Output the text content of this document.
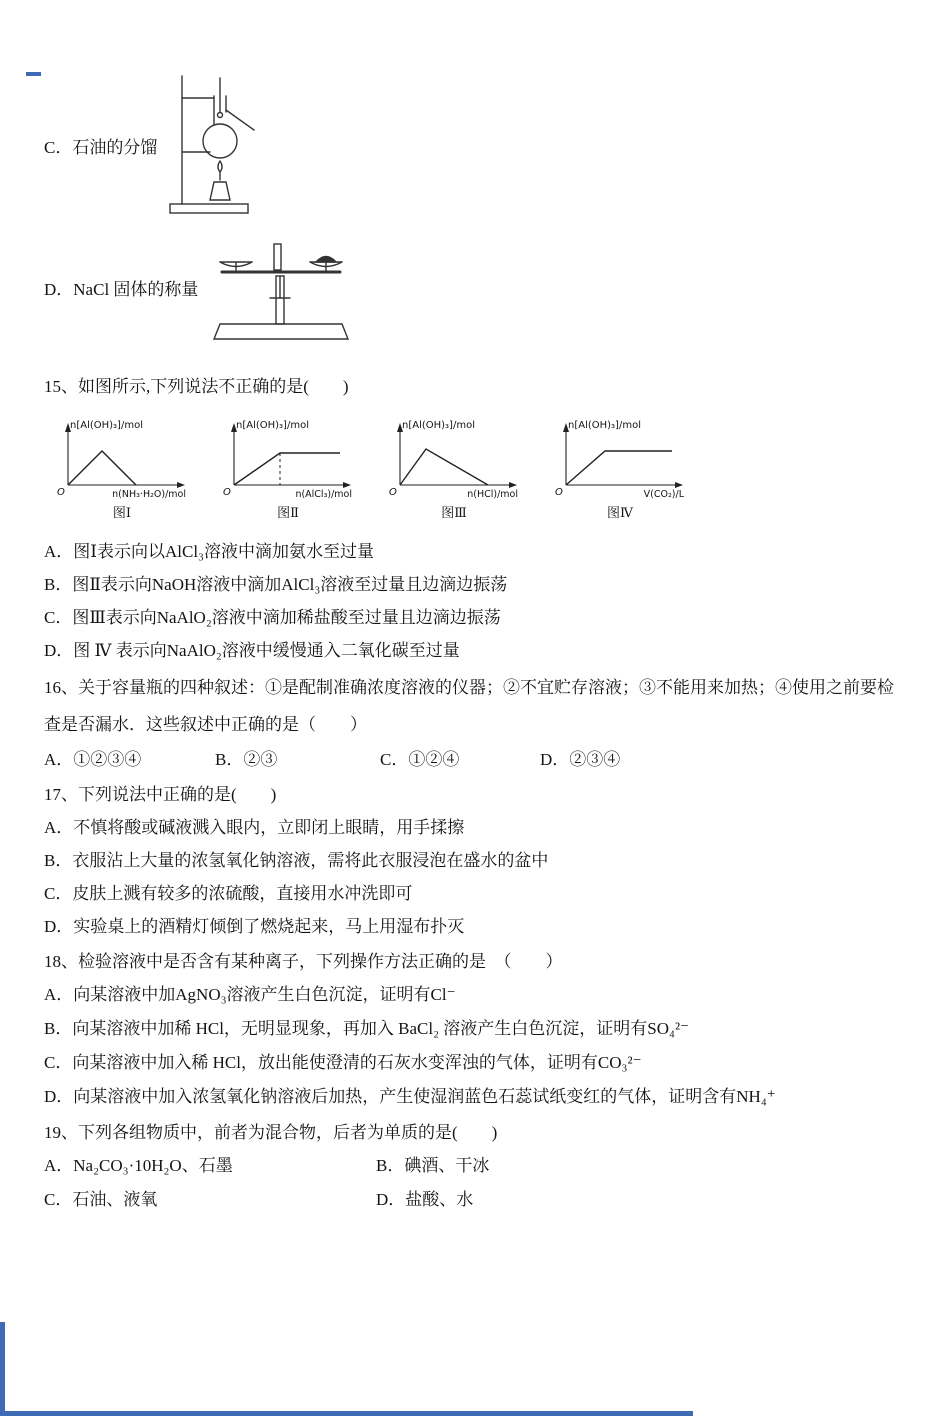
C．石油的分馏
D．NaCl 固体的称量

15、如图所示,下列说法不正确的是(　　)

n[Al(OH)₃]/mol
O	n(NH₃·H₂O)/mol
图Ⅰ
n[Al(OH)₃]/mol
O	n(AlCl₃)/mol
图Ⅱ
n[Al(OH)₃]/mol
O	n(HCl)/mol
图Ⅲ
n[Al(OH)₃]/mol
O	V(CO₂)/L
图Ⅳ

A．图Ⅰ表示向以AlCl₃溶液中滴加氨水至过量

B．图Ⅱ表示向NaOH溶液中滴加AlCl₃溶液至过量且边滴边振荡

C．图Ⅲ表示向NaAlO₂溶液中滴加稀盐酸至过量且边滴边振荡

D．图 Ⅳ 表示向NaAlO₂溶液中缓慢通入二氧化碳至过量

16、关于容量瓶的四种叙述：①是配制准确浓度溶液的仪器；②不宜贮存溶液；③不能用来加热；④使用之前要检查是否漏水．这些叙述中正确的是（　　）

A．①②③④	B．②③	C．①②④	D．②③④

17、下列说法中正确的是(　　)

A．不慎将酸或碱液溅入眼内，立即闭上眼睛，用手揉擦

B．衣服沾上大量的浓氢氧化钠溶液，需将此衣服浸泡在盛水的盆中

C．皮肤上溅有较多的浓硫酸，直接用水冲洗即可

D．实验桌上的酒精灯倾倒了燃烧起来，马上用湿布扑灭

18、检验溶液中是否含有某种离子，下列操作方法正确的是　（　　）

A．向某溶液中加AgNO₃溶液产生白色沉淀，证明有Cl⁻

B．向某溶液中加稀 HCl，无明显现象，再加入 BaCl₂ 溶液产生白色沉淀，证明有SO₄²⁻

C．向某溶液中加入稀 HCl，放出能使澄清的石灰水变浑浊的气体，证明有CO₃²⁻

D．向某溶液中加入浓氢氧化钠溶液后加热，产生使湿润蓝色石蕊试纸变红的气体，证明含有NH₄⁺

19、下列各组物质中，前者为混合物，后者为单质的是(　　)

A．Na₂CO₃·10H₂O、石墨	B．碘酒、干冰
C．石油、液氧	D．盐酸、水
